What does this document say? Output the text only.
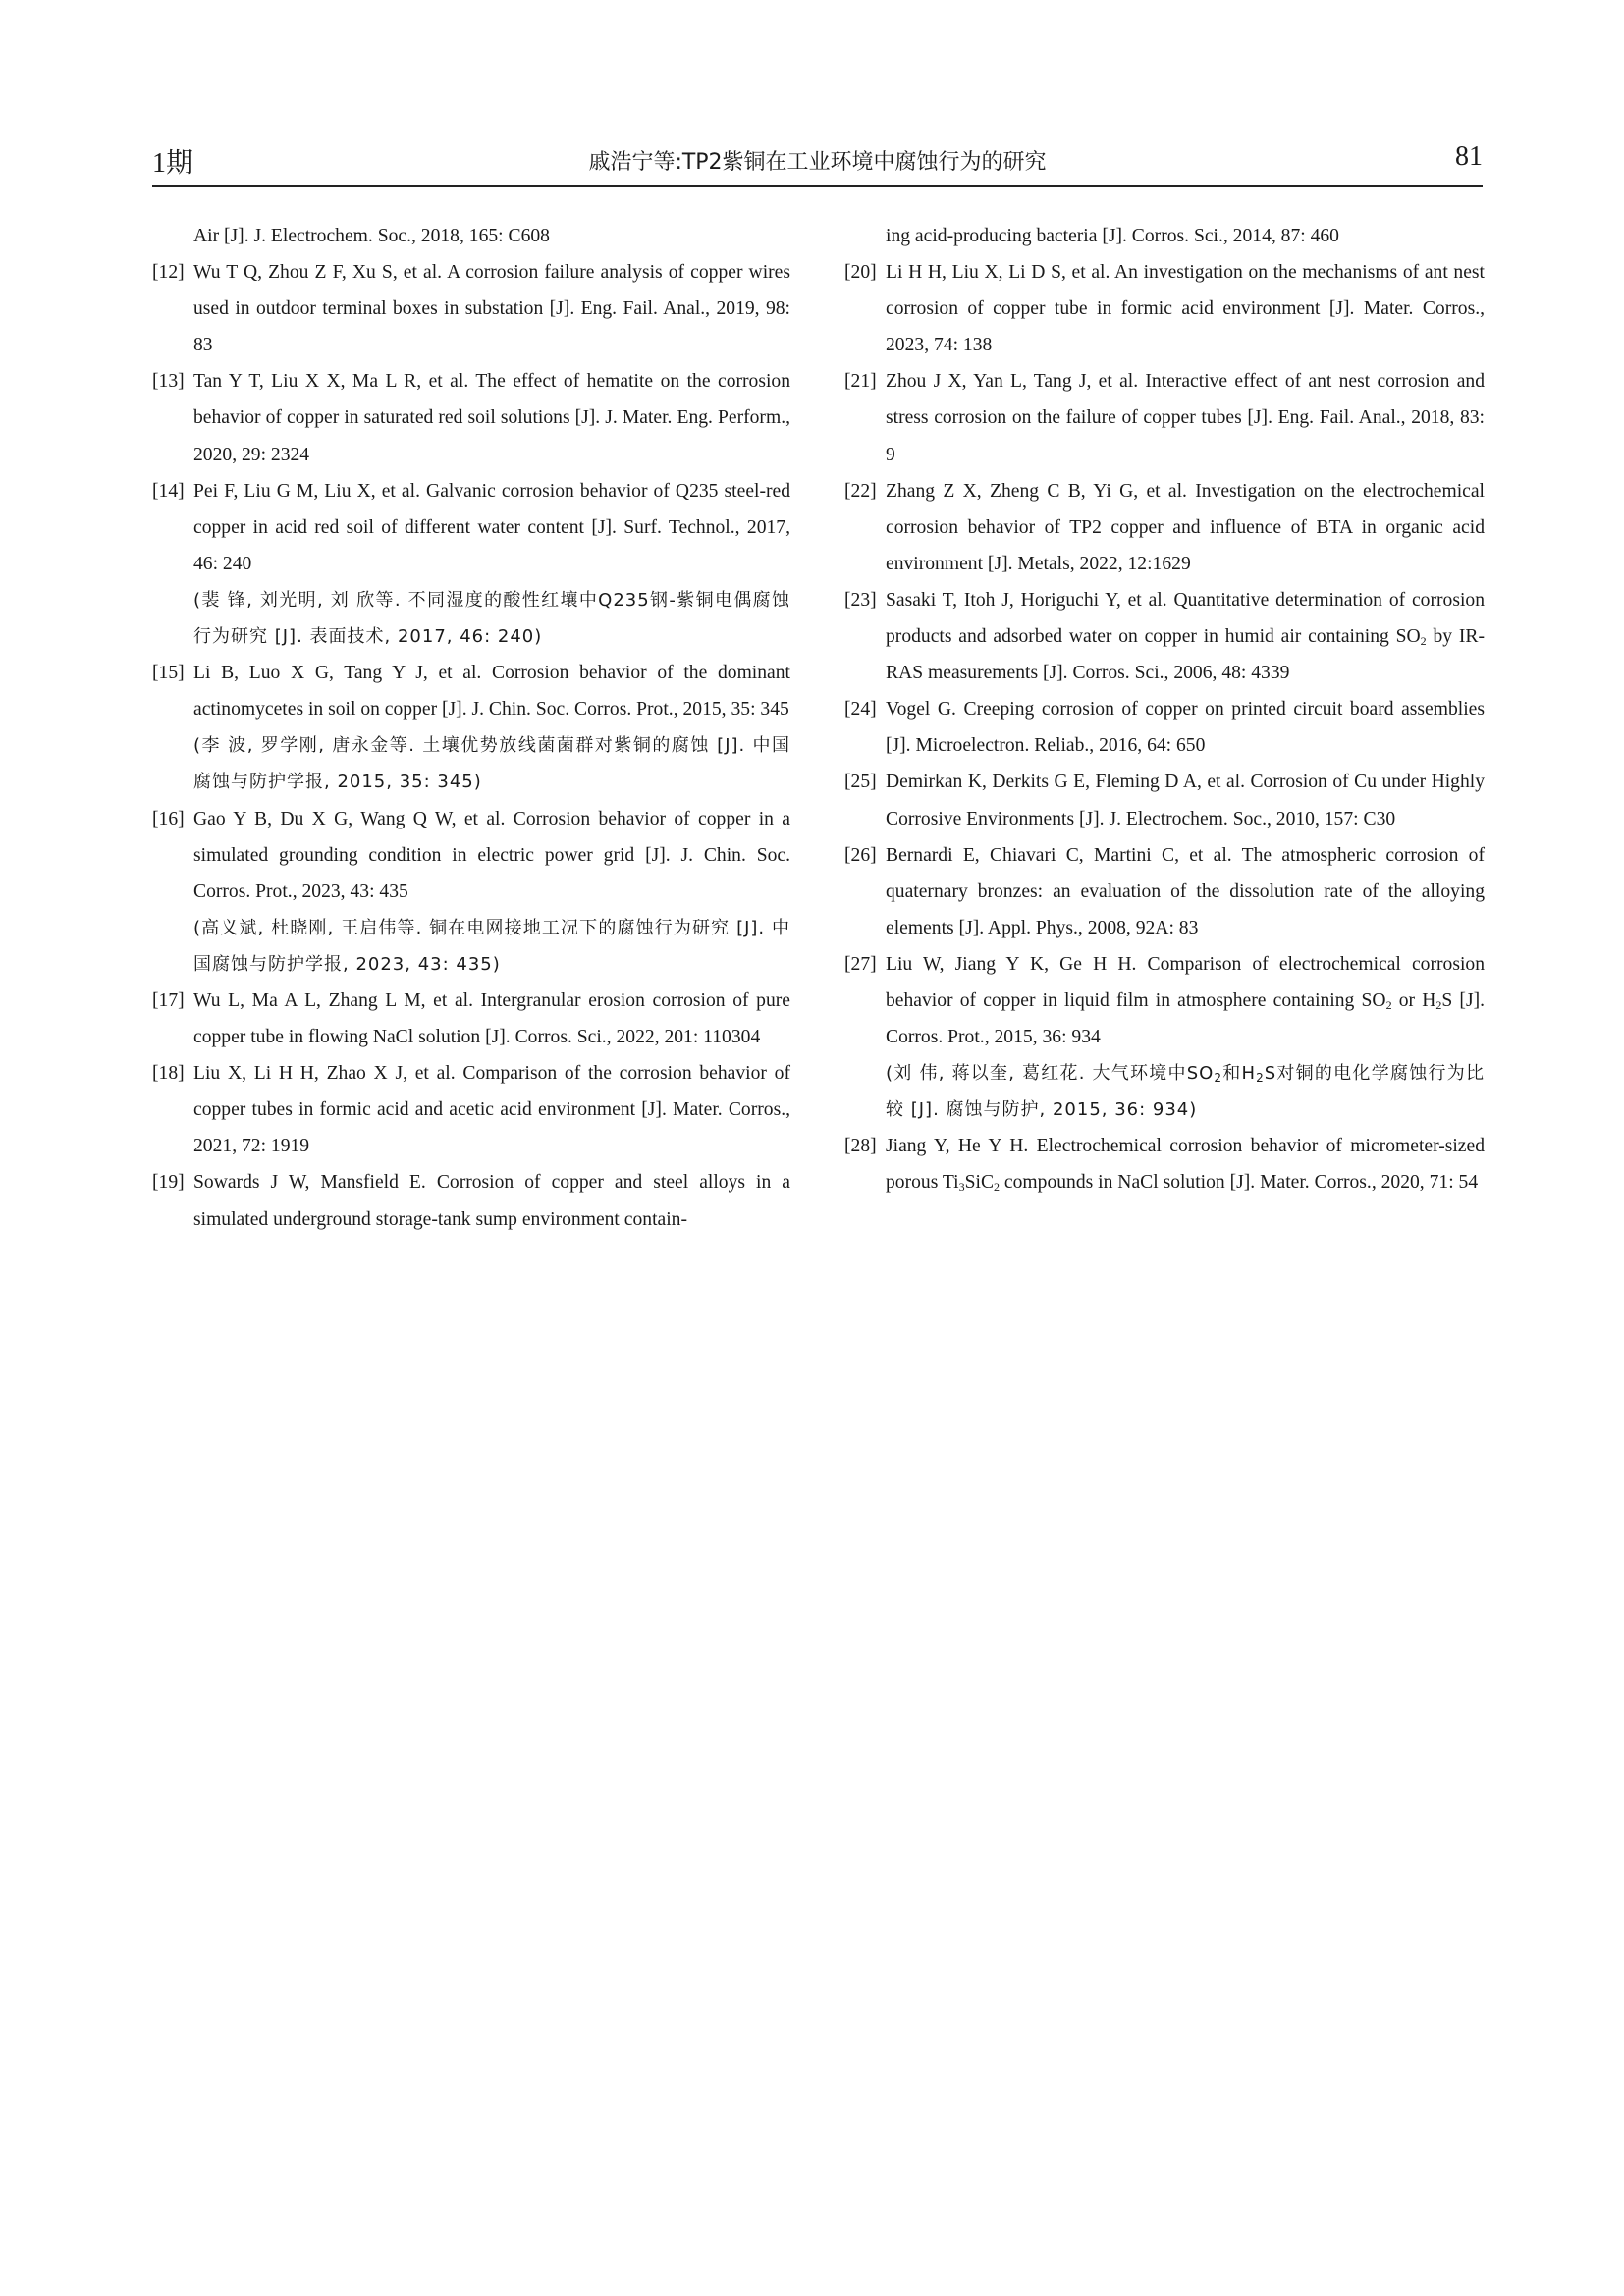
1期	戚浩宁等:TP2紫铜在工业环境中腐蚀行为的研究	81
Air [J]. J. Electrochem. Soc., 2018, 165: C608
[12] Wu T Q, Zhou Z F, Xu S, et al. A corrosion failure analysis of copper wires used in outdoor terminal boxes in substation [J]. Eng. Fail. Anal., 2019, 98: 83
[13] Tan Y T, Liu X X, Ma L R, et al. The effect of hematite on the corrosion behavior of copper in saturated red soil solutions [J]. J. Mater. Eng. Perform., 2020, 29: 2324
[14] Pei F, Liu G M, Liu X, et al. Galvanic corrosion behavior of Q235 steel-red copper in acid red soil of different water content [J]. Surf. Technol., 2017, 46: 240
(裴 锋, 刘光明, 刘 欣等. 不同湿度的酸性红壤中Q235钢-紫铜电偶腐蚀行为研究 [J]. 表面技术, 2017, 46: 240)
[15] Li B, Luo X G, Tang Y J, et al. Corrosion behavior of the dominant actinomycetes in soil on copper [J]. J. Chin. Soc. Corros. Prot., 2015, 35: 345
(李 波, 罗学刚, 唐永金等. 土壤优势放线菌菌群对紫铜的腐蚀 [J]. 中国腐蚀与防护学报, 2015, 35: 345)
[16] Gao Y B, Du X G, Wang Q W, et al. Corrosion behavior of copper in a simulated grounding condition in electric power grid [J]. J. Chin. Soc. Corros. Prot., 2023, 43: 435
(高义斌, 杜晓刚, 王启伟等. 铜在电网接地工况下的腐蚀行为研究 [J]. 中国腐蚀与防护学报, 2023, 43: 435)
[17] Wu L, Ma A L, Zhang L M, et al. Intergranular erosion corrosion of pure copper tube in flowing NaCl solution [J]. Corros. Sci., 2022, 201: 110304
[18] Liu X, Li H H, Zhao X J, et al. Comparison of the corrosion behavior of copper tubes in formic acid and acetic acid environment [J]. Mater. Corros., 2021, 72: 1919
[19] Sowards J W, Mansfield E. Corrosion of copper and steel alloys in a simulated underground storage-tank sump environment contain-
ing acid-producing bacteria [J]. Corros. Sci., 2014, 87: 460
[20] Li H H, Liu X, Li D S, et al. An investigation on the mechanisms of ant nest corrosion of copper tube in formic acid environment [J]. Mater. Corros., 2023, 74: 138
[21] Zhou J X, Yan L, Tang J, et al. Interactive effect of ant nest corrosion and stress corrosion on the failure of copper tubes [J]. Eng. Fail. Anal., 2018, 83: 9
[22] Zhang Z X, Zheng C B, Yi G, et al. Investigation on the electrochemical corrosion behavior of TP2 copper and influence of BTA in organic acid environment [J]. Metals, 2022, 12:1629
[23] Sasaki T, Itoh J, Horiguchi Y, et al. Quantitative determination of corrosion products and adsorbed water on copper in humid air containing $SO_2$ by IR-RAS measurements [J]. Corros. Sci., 2006, 48: 4339
[24] Vogel G. Creeping corrosion of copper on printed circuit board assemblies [J]. Microelectron. Reliab., 2016, 64: 650
[25] Demirkan K, Derkits G E, Fleming D A, et al. Corrosion of Cu under Highly Corrosive Environments [J]. J. Electrochem. Soc., 2010, 157: C30
[26] Bernardi E, Chiavari C, Martini C, et al. The atmospheric corrosion of quaternary bronzes: an evaluation of the dissolution rate of the alloying elements [J]. Appl. Phys., 2008, 92A: 83
[27] Liu W, Jiang Y K, Ge H H. Comparison of electrochemical corrosion behavior of copper in liquid film in atmosphere containing $SO_2$ or $H_2S$ [J]. Corros. Prot., 2015, 36: 934
(刘 伟, 蒋以奎, 葛红花. 大气环境中$SO_2$和$H_2S$对铜的电化学腐蚀行为比较 [J]. 腐蚀与防护, 2015, 36: 934)
[28] Jiang Y, He Y H. Electrochemical corrosion behavior of micrometer-sized porous $Ti_3SiC_2$ compounds in NaCl solution [J]. Mater. Corros., 2020, 71: 54
